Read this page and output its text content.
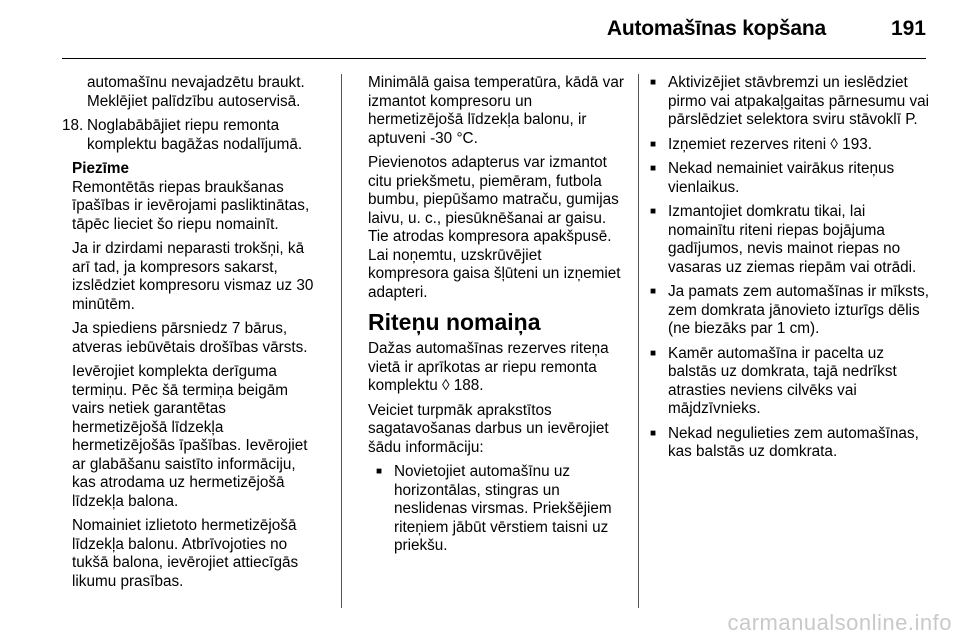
Automašīnas kopšana	191

automašīnu nevajadzētu braukt. Meklējiet palīdzību autoservisā.

18. Noglabābājiet riepu remonta komplektu bagāžas nodalījumā.
Piezīme

Remontētās riepas braukšanas īpašības ir ievērojami pasliktinātas, tāpēc lieciet šo riepu nomainīt.

Ja ir dzirdami neparasti trokšņi, kā arī tad, ja kompresors sakarst, izslēdziet kompresoru vismaz uz 30 minūtēm.

Ja spiediens pārsniedz 7 bārus, atveras iebūvētais drošības vārsts.

Ievērojiet komplekta derīguma termiņu. Pēc šā termiņa beigām vairs netiek garantētas hermetizējošā līdzekļa hermetizējošās īpašības. Ievērojiet ar glabāšanu saistīto informāciju, kas atrodama uz hermetizējošā līdzekļa balona.

Nomainiet izlietoto hermetizējošā līdzekļa balonu. Atbrīvojoties no tukšā balona, ievērojiet attiecīgās likumu prasības.

Minimālā gaisa temperatūra, kādā var izmantot kompresoru un hermetizējošā līdzekļa balonu, ir aptuveni -30 °C.

Pievienotos adapterus var izmantot citu priekšmetu, piemēram, futbola bumbu, piepūšamo matraču, gumijas laivu, u. c., piesūknēšanai ar gaisu. Tie atrodas kompresora apakšpusē. Lai noņemtu, uzskrūvējiet kompresora gaisa šļūteni un izņemiet adapteri.

Riteņu nomaiņa

Dažas automašīnas rezerves riteņa vietā ir aprīkotas ar riepu remonta komplektu ◊ 188.

Veiciet turpmāk aprakstītos sagatavošanas darbus un ievērojiet šādu informāciju:

■ Novietojiet automašīnu uz horizontālas, stingras un neslidenas virsmas. Priekšējiem riteņiem jābūt vērstiem taisni uz priekšu.
■ Aktivizējiet stāvbremzi un ieslēdziet pirmo vai atpakaļgaitas pārnesumu vai pārslēdziet selektora sviru stāvoklī P.
■ Izņemiet rezerves riteni ◊ 193.
■ Nekad nemainiet vairākus riteņus vienlaikus.
■ Izmantojiet domkratu tikai, lai nomainītu riteni riepas bojājuma gadījumos, nevis mainot riepas no vasaras uz ziemas riepām vai otrādi.
■ Ja pamats zem automašīnas ir mīksts, zem domkrata jānovieto izturīgs dēlis (ne biezāks par 1 cm).
■ Kamēr automašīna ir pacelta uz balstās uz domkrata, tajā nedrīkst atrasties neviens cilvēks vai mājdzīvnieks.
■ Nekad negulieties zem automašīnas, kas balstās uz domkrata.
carmanualsonline.info
